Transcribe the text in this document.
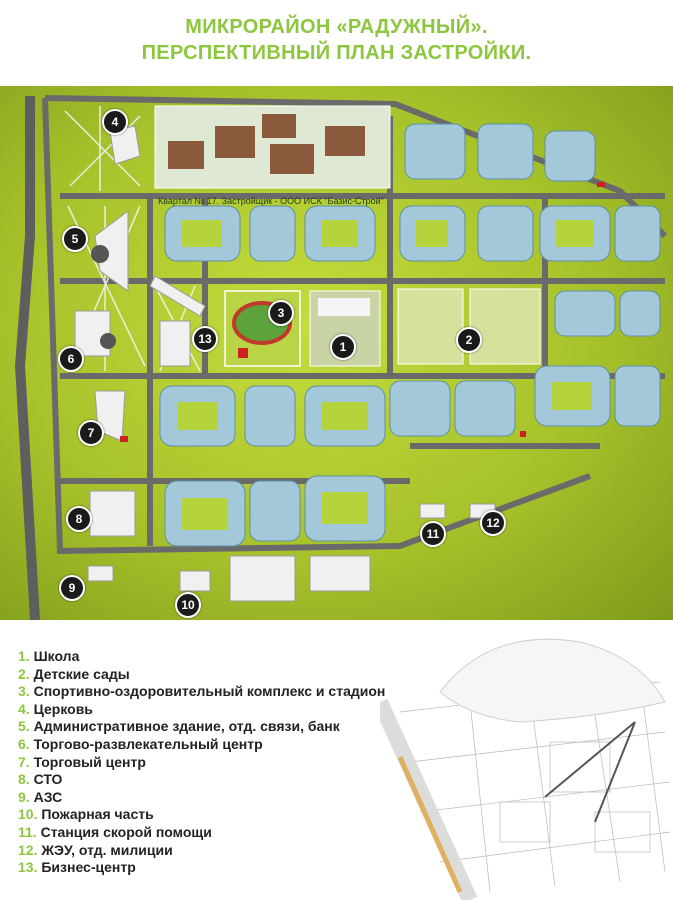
МИКРОРАЙОН «РАДУЖНЫЙ».
ПЕРСПЕКТИВНЫЙ ПЛАН ЗАСТРОЙКИ.
Квартал № 17. Застройщик - ООО ИСК "Базис-Строй"
1	2
3
4
5
6
7
8
9
10
11
12
13
1. Школа
2. Детские сады
3. Спортивно-оздоровительный комплекс и стадион
4. Церковь
5. Административное здание, отд. связи, банк
6. Торгово-развлекательный центр
7. Торговый центр
8. СТО
9. АЗС
10. Пожарная часть
11. Станция скорой помощи
12. ЖЭУ, отд. милиции
13. Бизнес-центр
